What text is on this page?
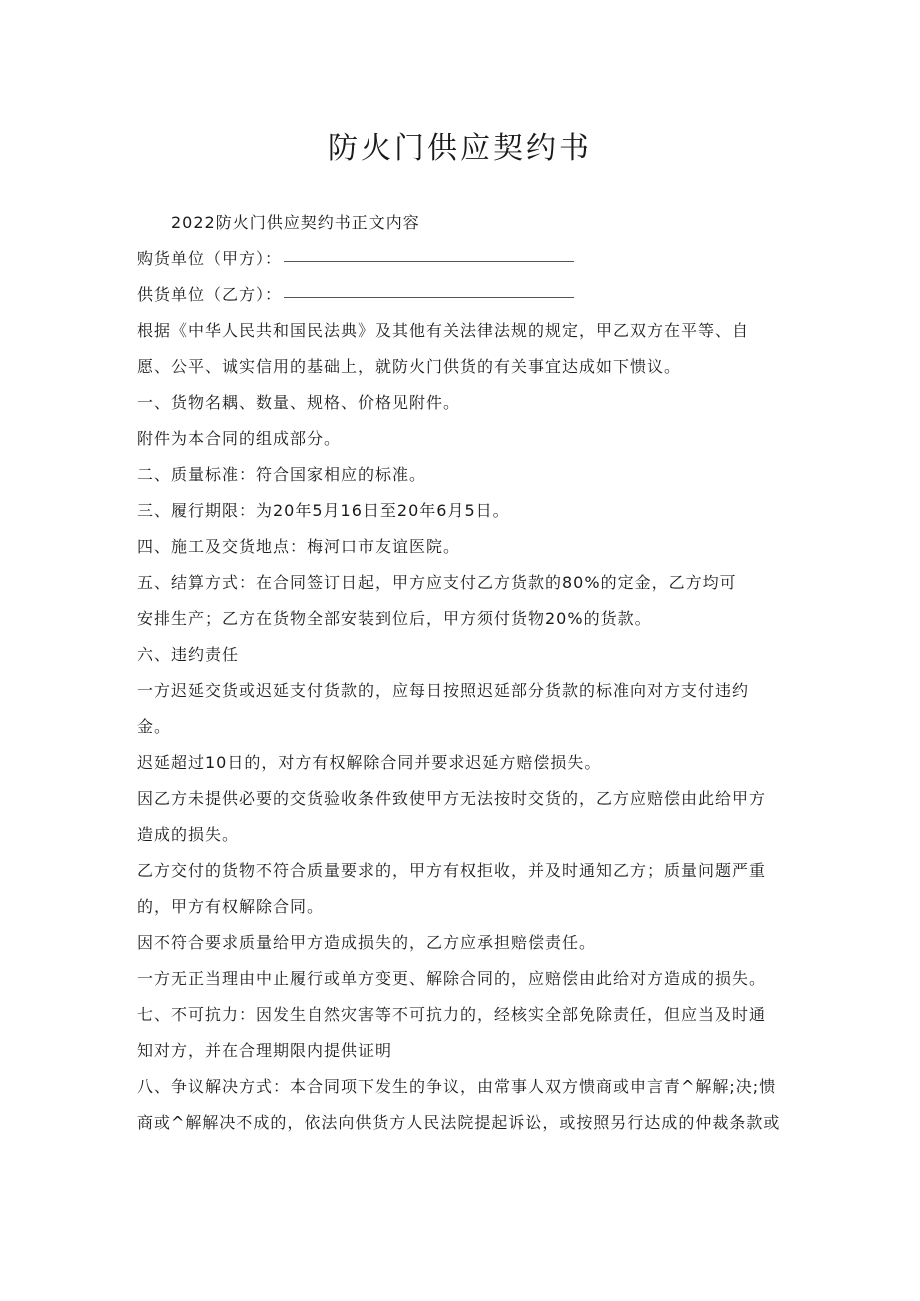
防火门供应契约书
2022防火门供应契约书正文内容
购货单位（甲方）：
供货单位（乙方）：
根据《中华人民共和国民法典》及其他有关法律法规的规定，甲乙双方在平等、自
愿、公平、诚实信用的基础上，就防火门供货的有关事宜达成如下愦议。
一、货物名耦、数量、规格、价格见附件。
附件为本合同的组成部分。
二、质量标准：符合国家相应的标准。
三、履行期限：为20年5月16日至20年6月5日。
四、施工及交货地点：梅河口市友谊医院。
五、结算方式：在合同签订日起，甲方应支付乙方货款的80%的定金，乙方均可
安排生产；乙方在货物全部安装到位后，甲方须付货物20%的货款。
六、违约责任
一方迟延交货或迟延支付货款的，应每日按照迟延部分货款的标准向对方支付违约
金。
迟延超过10日的，对方有权解除合同并要求迟延方赔偿损失。
因乙方未提供必要的交货验收条件致使甲方无法按时交货的，乙方应赔偿由此给甲方
造成的损失。
乙方交付的货物不符合质量要求的，甲方有权拒收，并及时通知乙方；质量问题严重
的，甲方有权解除合同。
因不符合要求质量给甲方造成损失的，乙方应承担赔偿责任。
一方无正当理由中止履行或单方变更、解除合同的，应赔偿由此给对方造成的损失。
七、不可抗力：因发生自然灾害等不可抗力的，经核实全部免除责任，但应当及时通
知对方，并在合理期限内提供证明
八、争议解决方式：本合同项下发生的争议，由常事人双方愦商或申言青^解解;决;愦
商或^解解决不成的，依法向供货方人民法院提起诉讼，或按照另行达成的仲裁条款或
